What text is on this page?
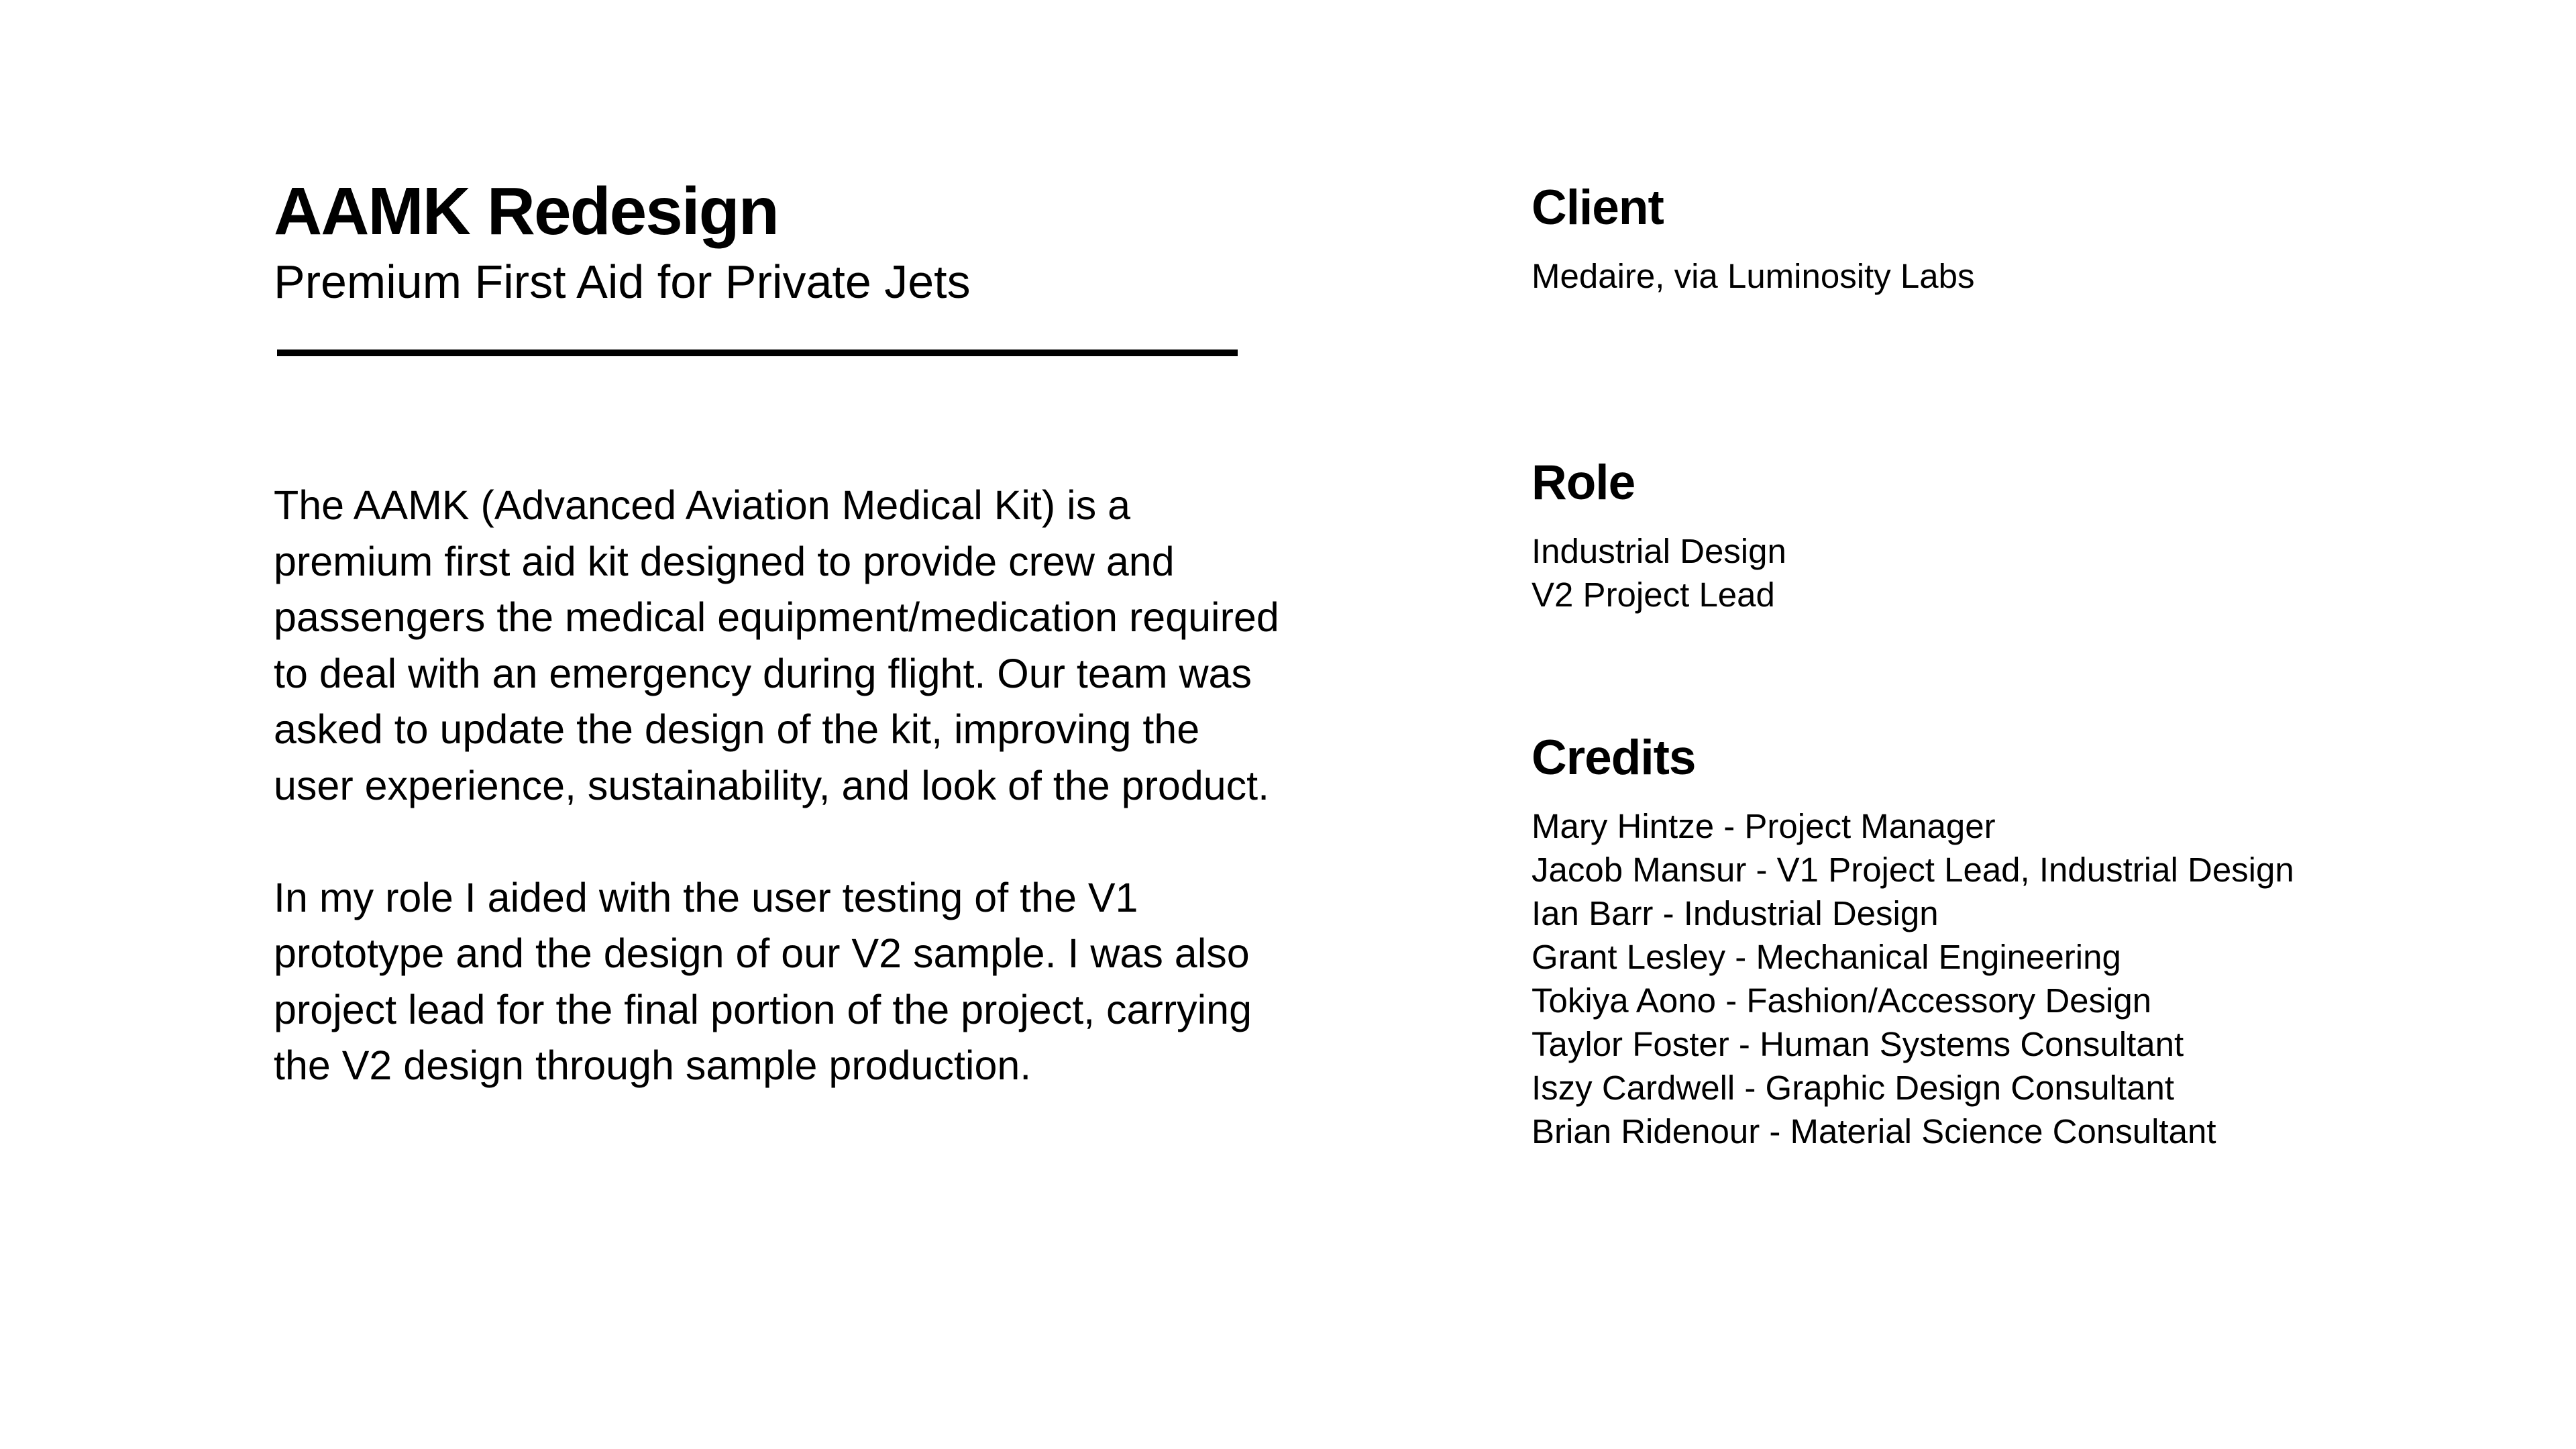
AAMK Redesign
Premium First Aid for Private Jets

The AAMK (Advanced Aviation Medical Kit) is a premium first aid kit designed to provide crew and passengers the medical equipment/medication required to deal with an emergency during flight. Our team was asked to update the design of the kit, improving the user experience, sustainability, and look of the product.

In my role I aided with the user testing of the V1 prototype and the design of our V2 sample. I was also project lead for the final portion of the project, carrying the V2 design through sample production.

Client

Medaire, via Luminosity Labs

Role

Industrial Design

V2 Project Lead

Credits

Mary Hintze - Project Manager

Jacob Mansur - V1 Project Lead, Industrial Design

Ian Barr - Industrial Design

Grant Lesley - Mechanical Engineering

Tokiya Aono - Fashion/Accessory Design

Taylor Foster - Human Systems Consultant

Iszy Cardwell - Graphic Design Consultant

Brian Ridenour - Material Science Consultant
